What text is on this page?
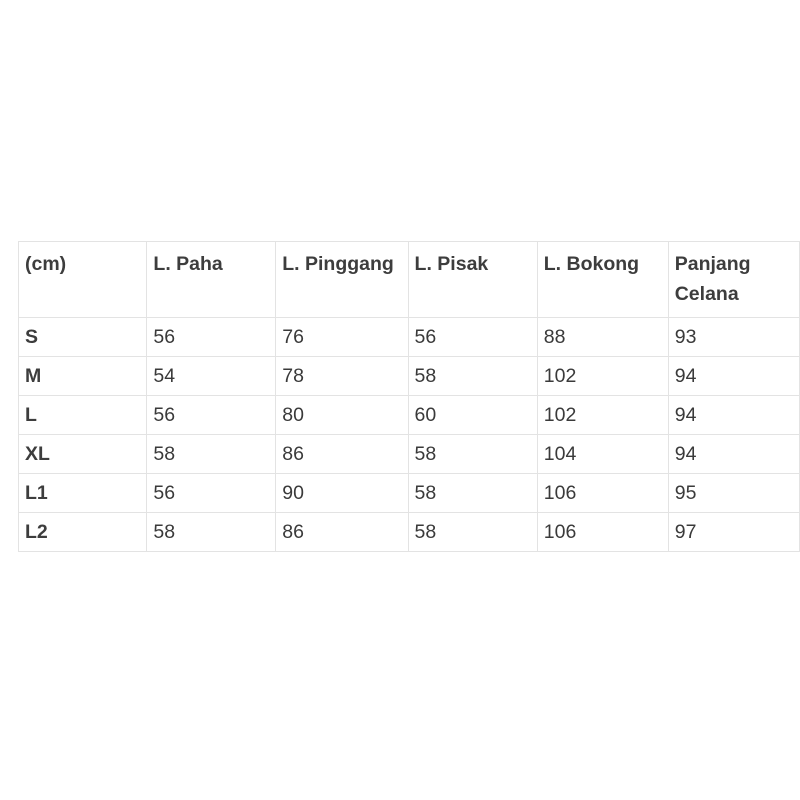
(cm)	L. Paha	L. Pinggang	L. Pisak	L. Bokong	Panjang Celana
S	56	76	56	88	93
M	54	78	58	102	94
L	56	80	60	102	94
XL	58	86	58	104	94
L1	56	90	58	106	95
L2	58	86	58	106	97
